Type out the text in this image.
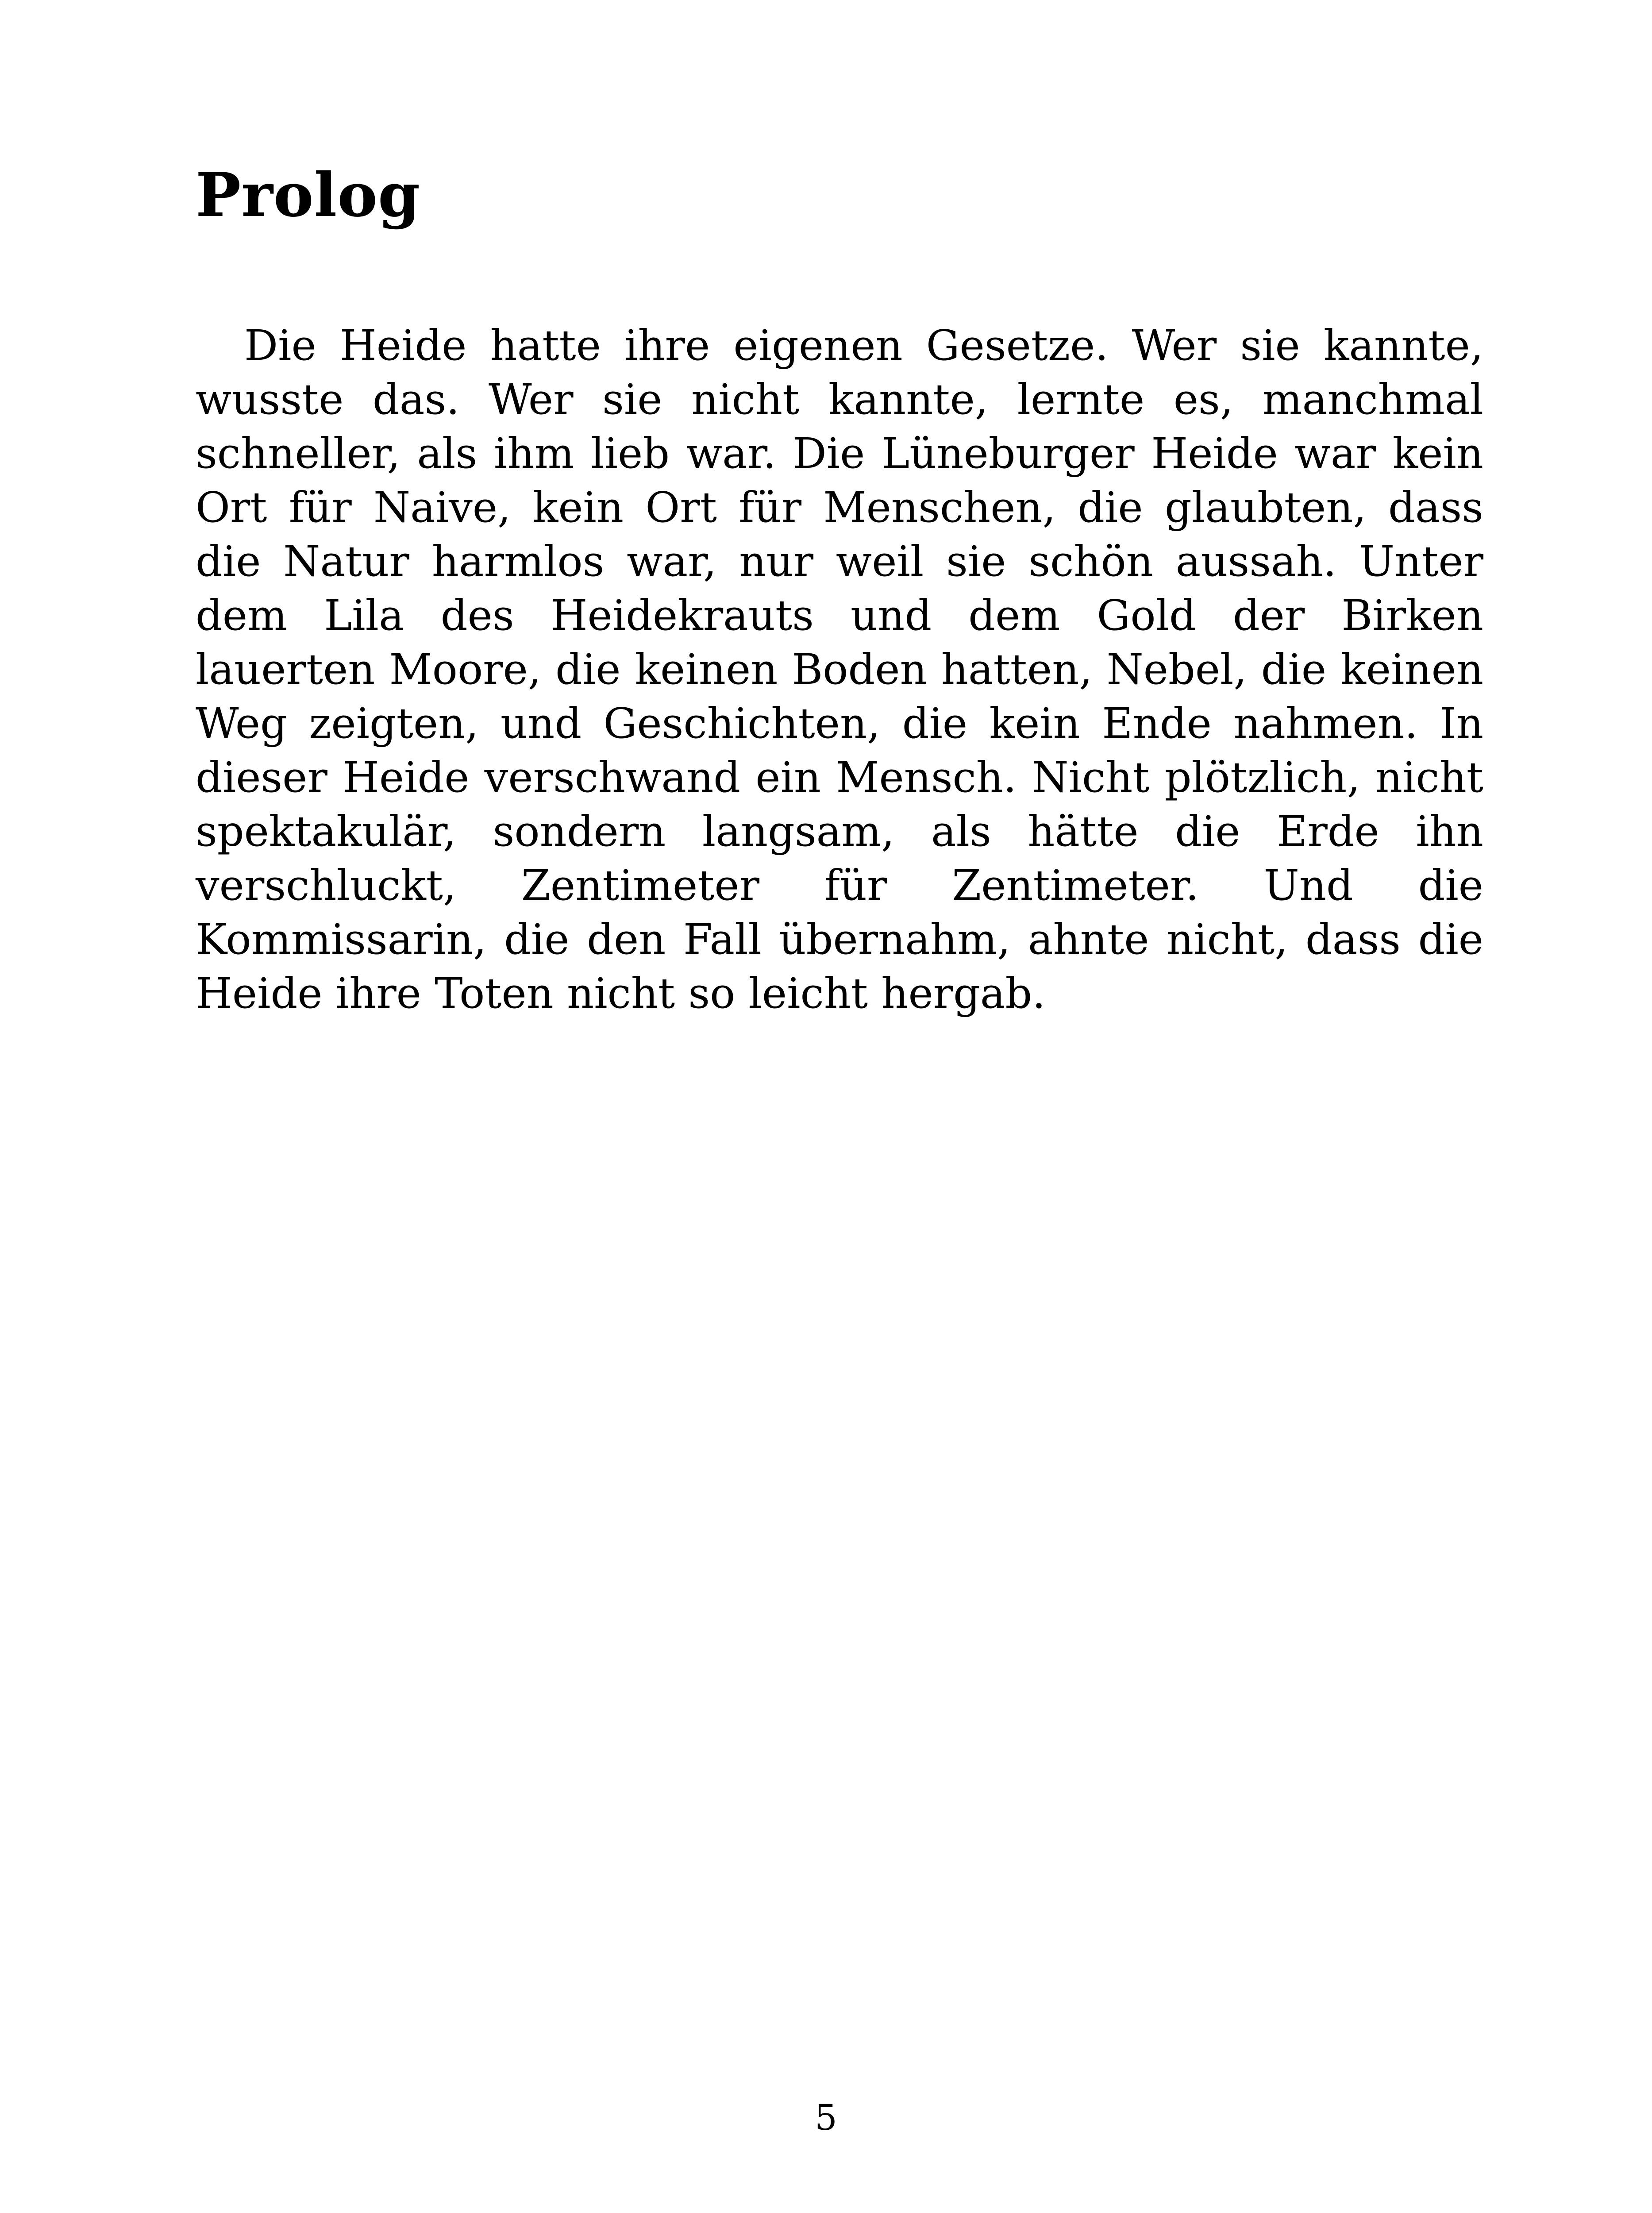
Prolog

Die Heide hatte ihre eigenen Gesetze. Wer sie kannte, wusste das. Wer sie nicht kannte, lernte es, manchmal schneller, als ihm lieb war. Die Lüneburger Heide war kein Ort für Naive, kein Ort für Menschen, die glaubten, dass die Natur harmlos war, nur weil sie schön aussah. Unter dem Lila des Heidekrauts und dem Gold der Birken lauerten Moore, die keinen Boden hatten, Nebel, die keinen Weg zeigten, und Geschichten, die kein Ende nahmen. In dieser Heide verschwand ein Mensch. Nicht plötzlich, nicht spektakulär, sondern langsam, als hätte die Erde ihn verschluckt, Zentimeter für Zentimeter. Und die Kommissarin, die den Fall übernahm, ahnte nicht, dass die Heide ihre Toten nicht so leicht hergab.

5
